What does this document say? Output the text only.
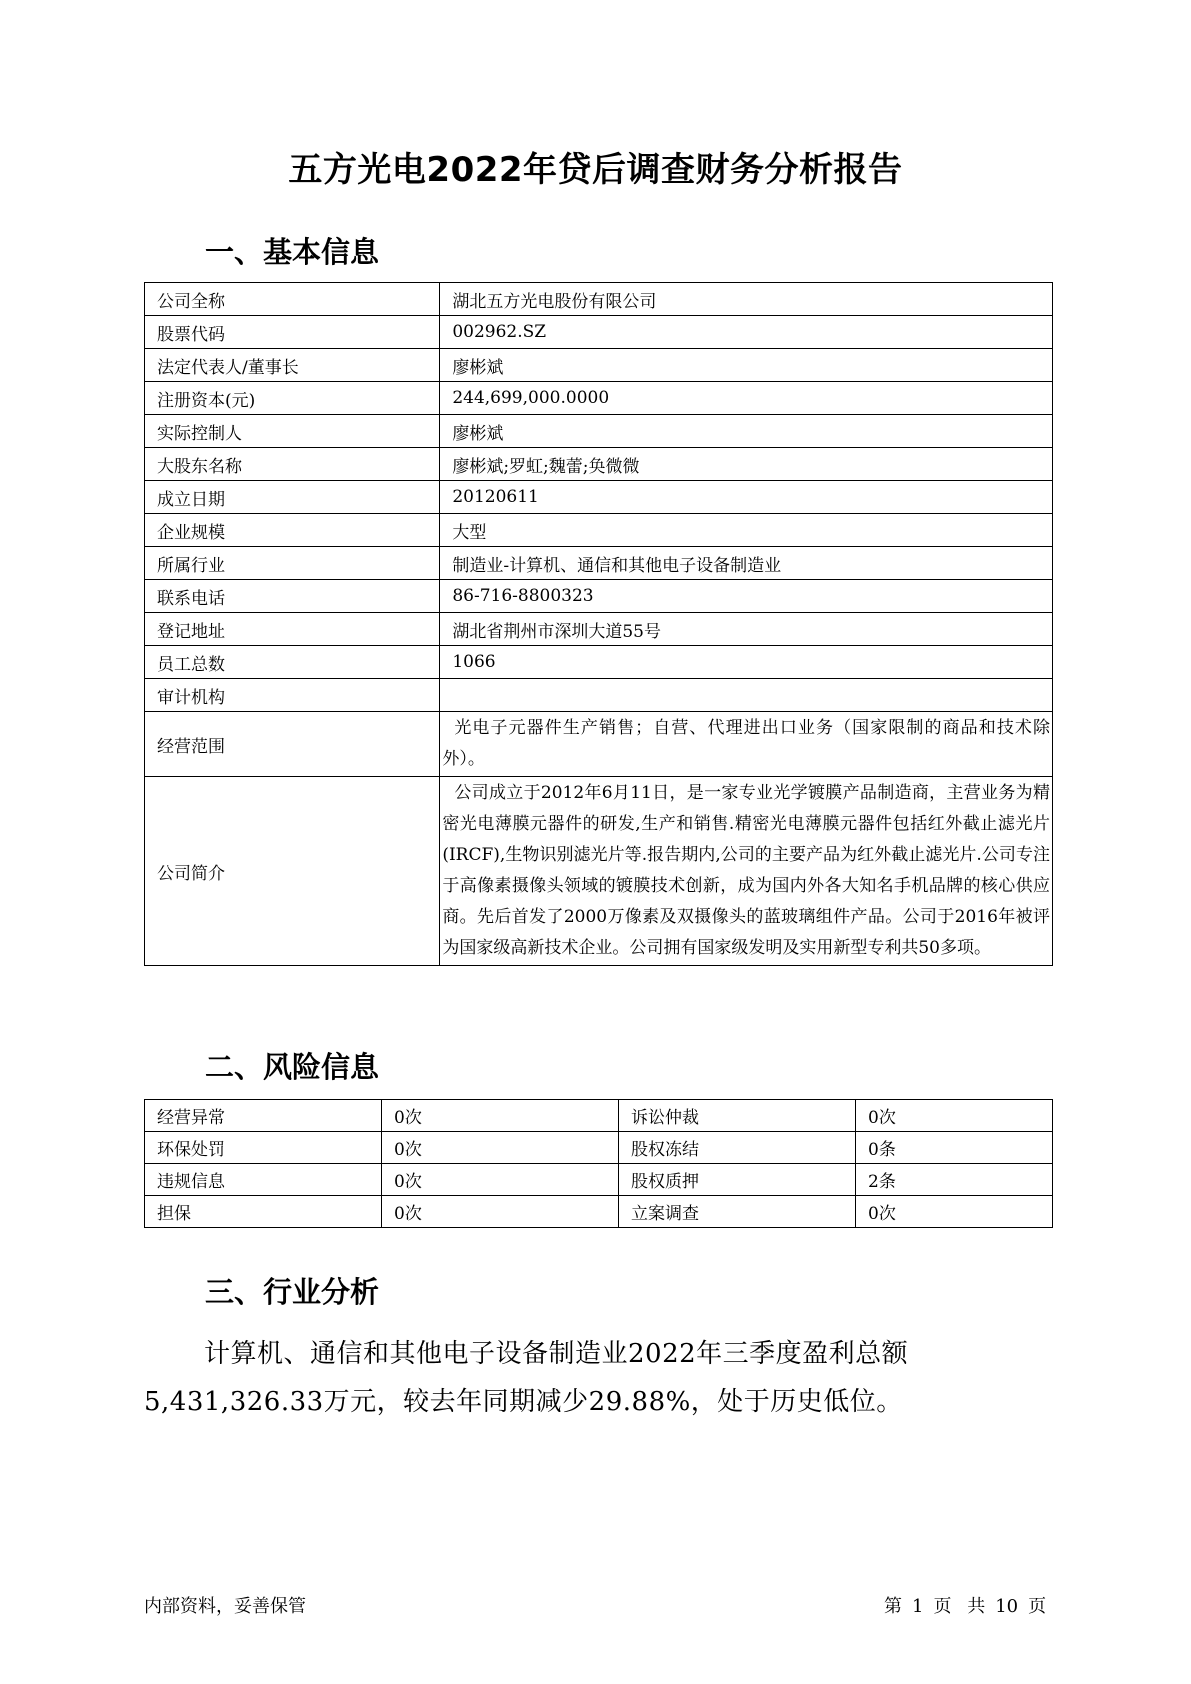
五方光电2022年贷后调查财务分析报告
一、基本信息
公司全称	湖北五方光电股份有限公司
股票代码	002962.SZ
法定代表人/董事长	廖彬斌
注册资本(元)	244,699,000.0000
实际控制人	廖彬斌
大股东名称	廖彬斌;罗虹;魏蕾;奂微微
成立日期	20120611
企业规模	大型
所属行业	制造业-计算机、通信和其他电子设备制造业
联系电话	86-716-8800323
登记地址	湖北省荆州市深圳大道55号
员工总数	1066
审计机构	
经营范围	光电子元器件生产销售；自营、代理进出口业务（国家限制的商品和技术除外）。

公司简介	公司成立于2012年6月11日，是一家专业光学镀膜产品制造商，主营业务为精密光电薄膜元器件的研发,生产和销售.精密光电薄膜元器件包括红外截止滤光片(IRCF),生物识别滤光片等.报告期内,公司的主要产品为红外截止滤光片.公司专注于高像素摄像头领域的镀膜技术创新，成为国内外各大知名手机品牌的核心供应商。先后首发了2000万像素及双摄像头的蓝玻璃组件产品。公司于2016年被评为国家级高新技术企业。公司拥有国家级发明及实用新型专利共50多项。
二、风险信息
经营异常	0次	诉讼仲裁	0次
环保处罚	0次	股权冻结	0条
违规信息	0次	股权质押	2条
担保	0次	立案调查	0次
三、行业分析
计算机、通信和其他电子设备制造业2022年三季度盈利总额5,431,326.33万元，较去年同期减少29.88%，处于历史低位。
内部资料，妥善保管	第 1 页 共 10 页
